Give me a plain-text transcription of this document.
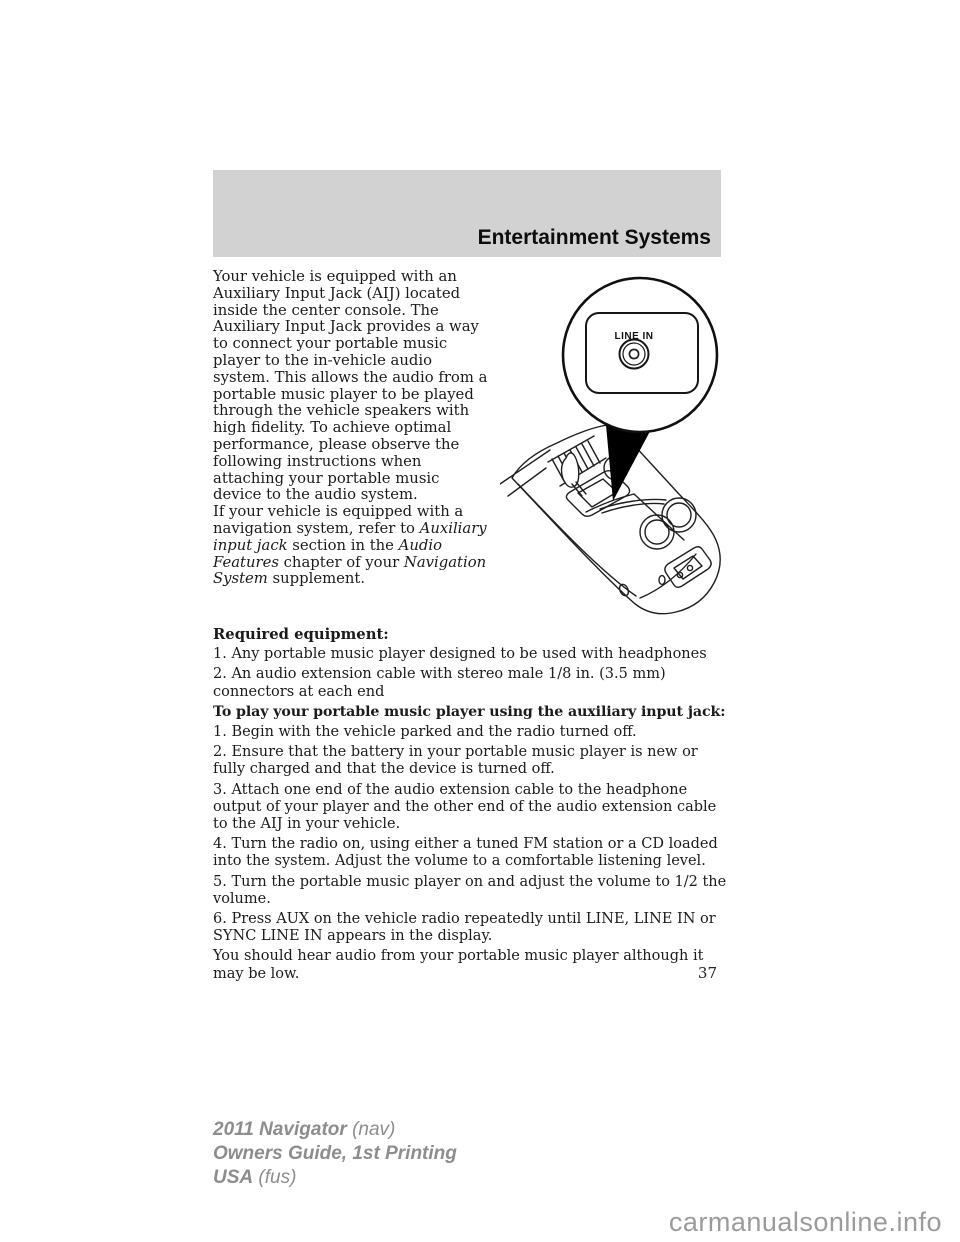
Entertainment Systems
Your vehicle is equipped with an Auxiliary Input Jack (AIJ) located inside the center console. The Auxiliary Input Jack provides a way to connect your portable music player to the in-vehicle audio system. This allows the audio from a portable music player to be played through the vehicle speakers with high fidelity. To achieve optimal performance, please observe the following instructions when attaching your portable music device to the audio system.
If your vehicle is equipped with a navigation system, refer to Auxiliary input jack section in the Audio Features chapter of your Navigation System supplement.
LINE IN

Required equipment:

1. Any portable music player designed to be used with headphones

2. An audio extension cable with stereo male 1/8 in. (3.5 mm) connectors at each end

To play your portable music player using the auxiliary input jack:

1. Begin with the vehicle parked and the radio turned off.

2. Ensure that the battery in your portable music player is new or fully charged and that the device is turned off.

3. Attach one end of the audio extension cable to the headphone output of your player and the other end of the audio extension cable to the AIJ in your vehicle.

4. Turn the radio on, using either a tuned FM station or a CD loaded into the system. Adjust the volume to a comfortable listening level.

5. Turn the portable music player on and adjust the volume to 1/2 the volume.

6. Press AUX on the vehicle radio repeatedly until LINE, LINE IN or SYNC LINE IN appears in the display.

You should hear audio from your portable music player although it may be low.	37
2011 Navigator (nav)
Owners Guide, 1st Printing
USA (fus)
carmanualsonline.info
